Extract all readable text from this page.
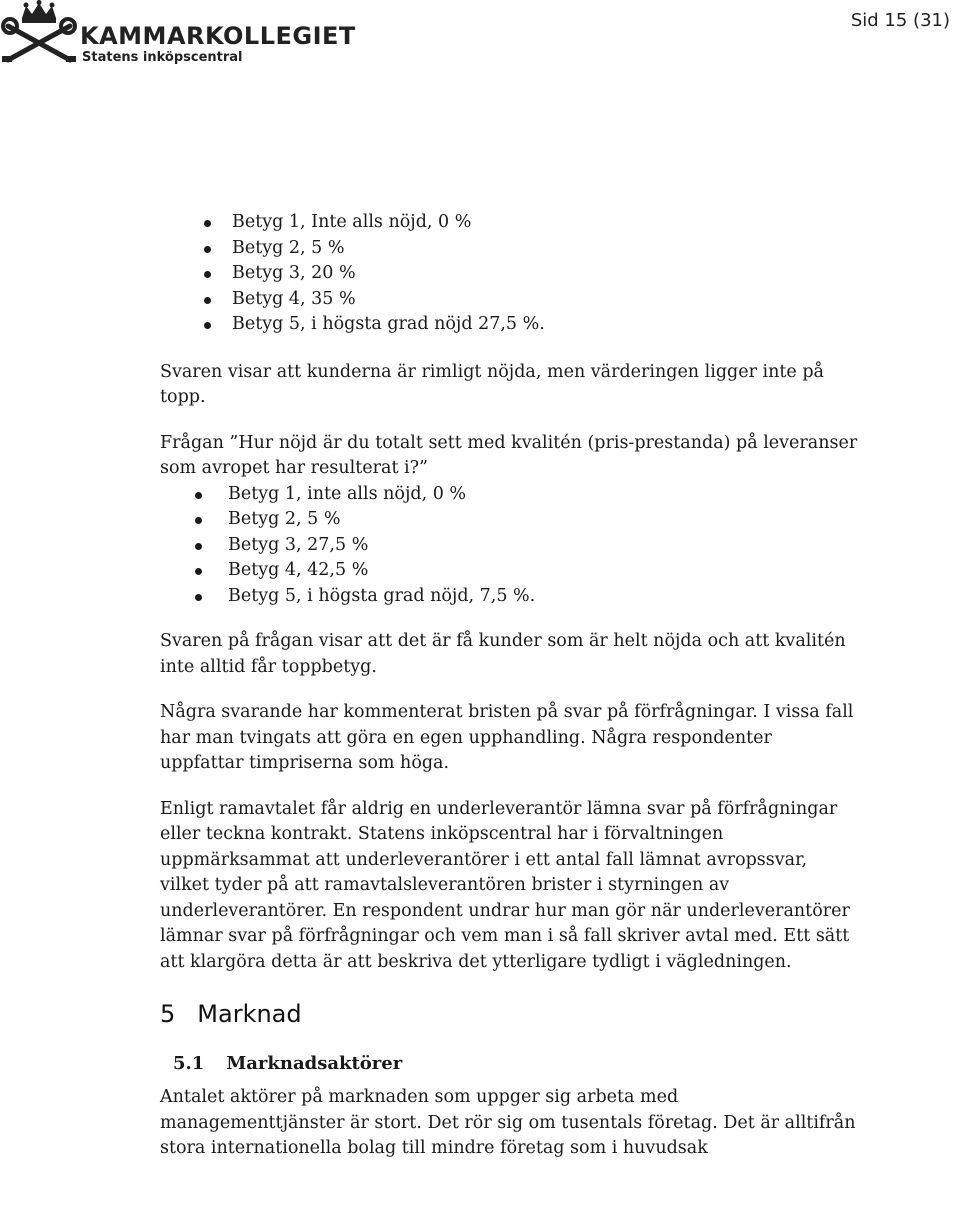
KAMMARKOLLEGIET
Statens inköpscentral
Sid 15 (31)
Betyg 1, Inte alls nöjd, 0 %
Betyg 2, 5 %
Betyg 3, 20 %
Betyg 4, 35 %
Betyg 5, i högsta grad nöjd 27,5 %.

Svaren visar att kunderna är rimligt nöjda, men värderingen ligger inte på topp.

Frågan ”Hur nöjd är du totalt sett med kvalitén (pris-prestanda) på leveranser som avropet har resulterat i?”

Betyg 1, inte alls nöjd, 0 %
Betyg 2, 5 %
Betyg 3, 27,5 %
Betyg 4, 42,5 %
Betyg 5, i högsta grad nöjd, 7,5 %.

Svaren på frågan visar att det är få kunder som är helt nöjda och att kvalitén inte alltid får toppbetyg.

Några svarande har kommenterat bristen på svar på förfrågningar. I vissa fall har man tvingats att göra en egen upphandling. Några respondenter uppfattar timpriserna som höga.

Enligt ramavtalet får aldrig en underleverantör lämna svar på förfrågningar eller teckna kontrakt. Statens inköpscentral har i förvaltningen uppmärksammat att underleverantörer i ett antal fall lämnat avropssvar, vilket tyder på att ramavtalsleverantören brister i styrningen av underleverantörer. En respondent undrar hur man gör när underleverantörer lämnar svar på förfrågningar och vem man i så fall skriver avtal med. Ett sätt att klargöra detta är att beskriva det ytterligare tydligt i vägledningen.

5 Marknad
5.1 Marknadsaktörer

Antalet aktörer på marknaden som uppger sig arbeta med managementtjänster är stort. Det rör sig om tusentals företag. Det är alltifrån stora internationella bolag till mindre företag som i huvudsak
